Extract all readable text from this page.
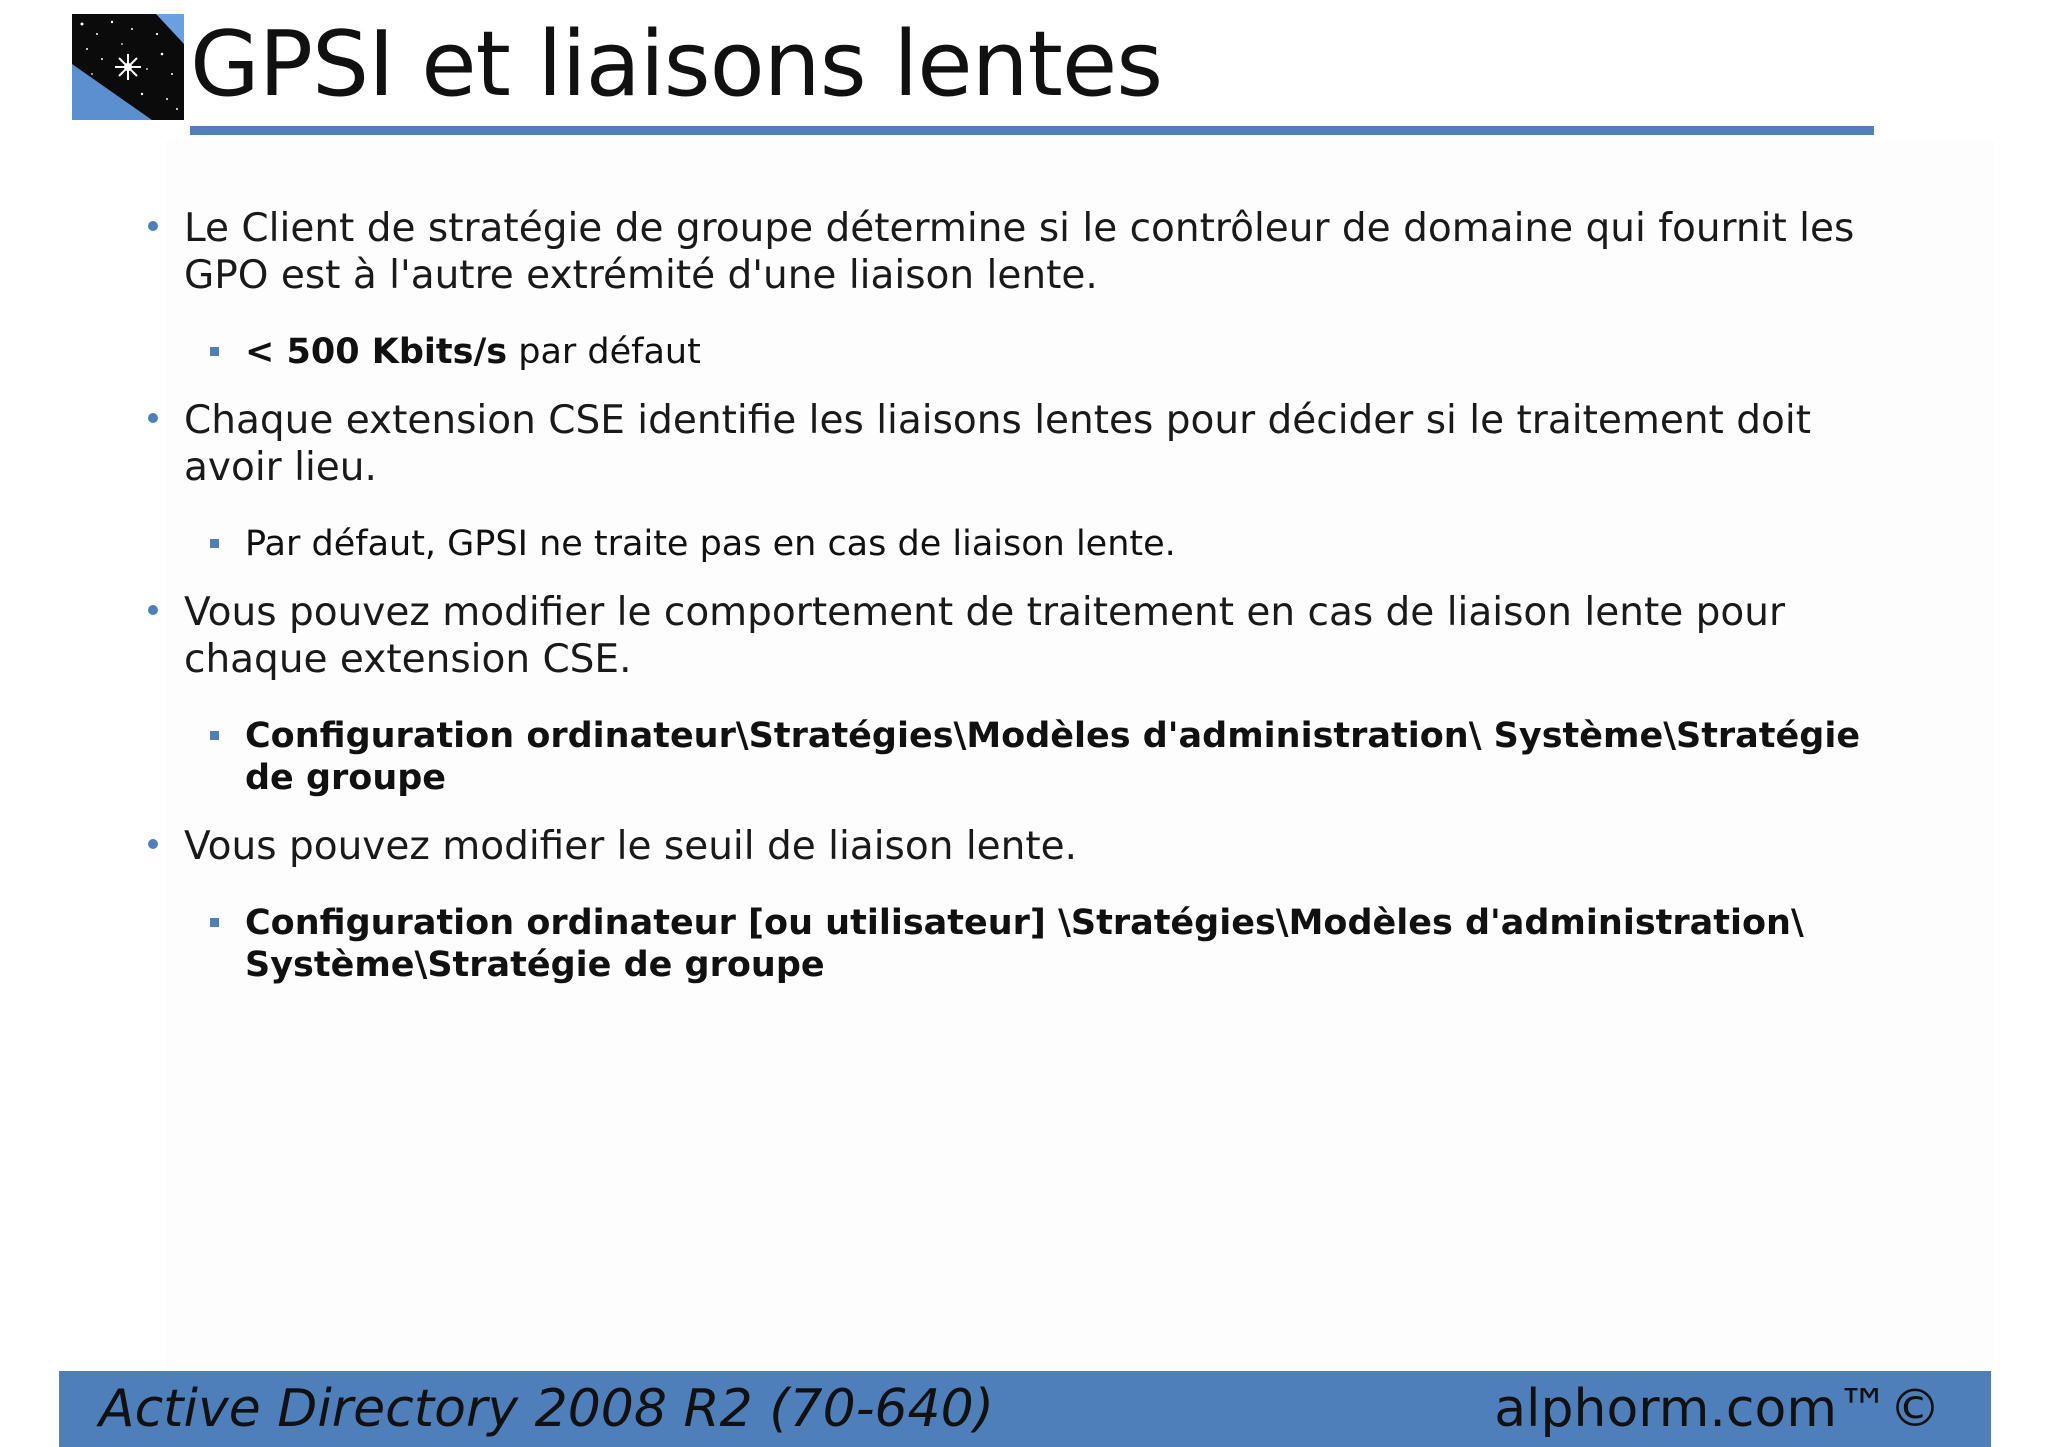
GPSI et liaisons lentes
Le Client de stratégie de groupe détermine si le contrôleur de domaine qui fournit les GPO est à l'autre extrémité d'une liaison lente.
< 500 Kbits/s par défaut
Chaque extension CSE identifie les liaisons lentes pour décider si le traitement doit avoir lieu.
Par défaut, GPSI ne traite pas en cas de liaison lente.
Vous pouvez modifier le comportement de traitement en cas de liaison lente pour chaque extension CSE.
Configuration ordinateur\Stratégies\Modèles d'administration\ Système\Stratégie de groupe
Vous pouvez modifier le seuil de liaison lente.
Configuration ordinateur [ou utilisateur] \Stratégies\Modèles d'administration\ Système\Stratégie de groupe
Active Directory 2008 R2 (70-640)	alphorm.com™©
